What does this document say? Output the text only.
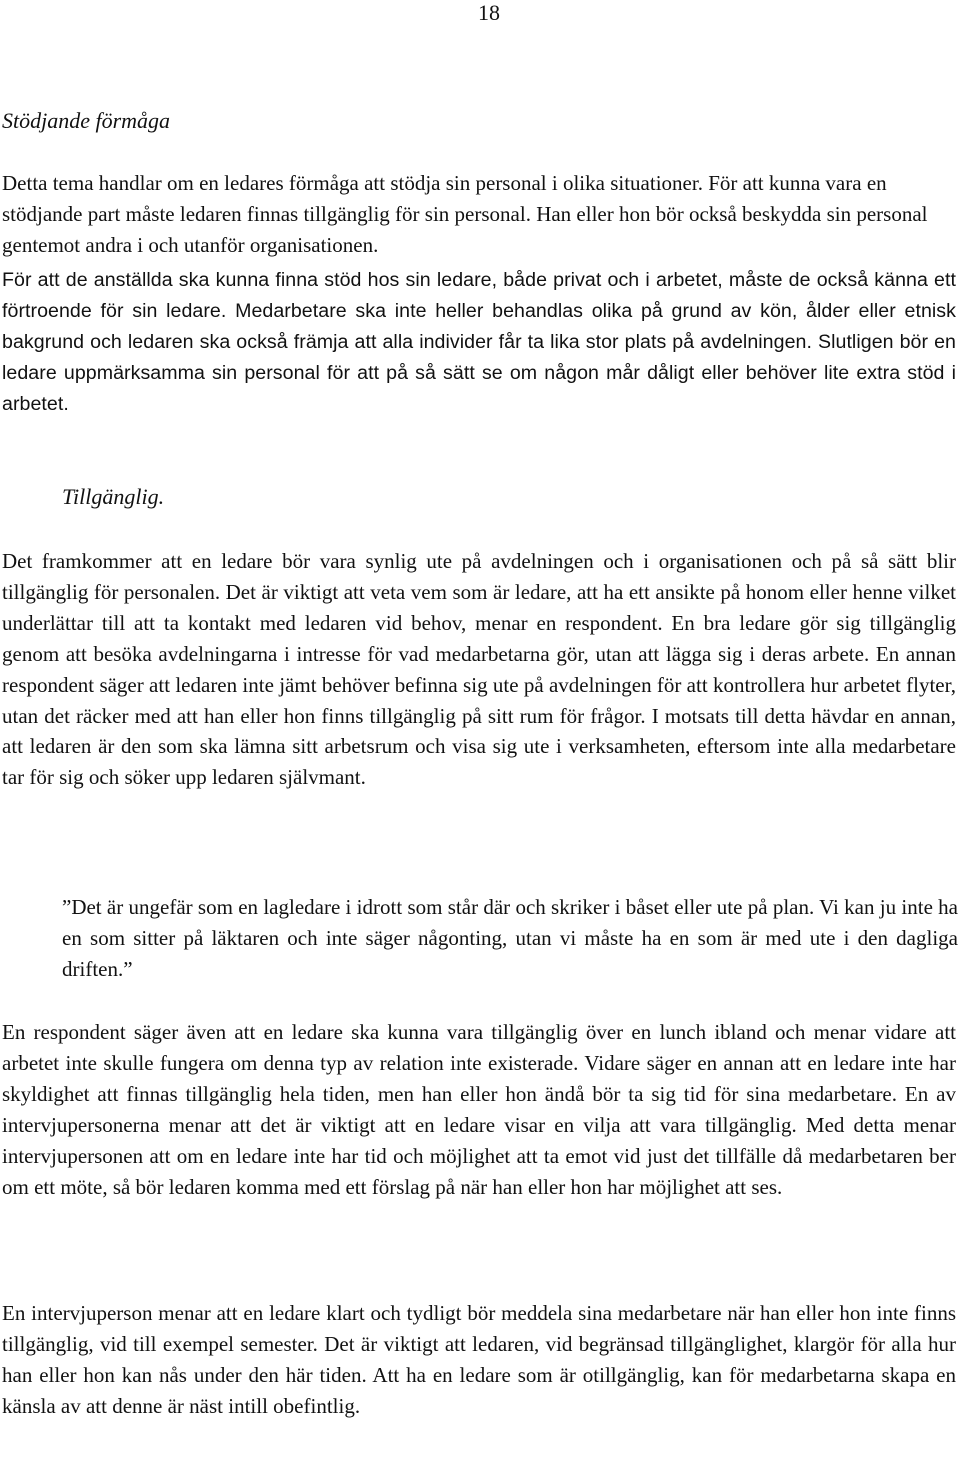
18
Stödjande förmåga

Detta tema handlar om en ledares förmåga att stödja sin personal i olika situationer. För att kunna vara en stödjande part måste ledaren finnas tillgänglig för sin personal. Han eller hon bör också beskydda sin personal gentemot andra i och utanför organisationen.

För att de anställda ska kunna finna stöd hos sin ledare, både privat och i arbetet, måste de också känna ett förtroende för sin ledare. Medarbetare ska inte heller behandlas olika på grund av kön, ålder eller etnisk bakgrund och ledaren ska också främja att alla individer får ta lika stor plats på avdelningen. Slutligen bör en ledare uppmärksamma sin personal för att på så sätt se om någon mår dåligt eller behöver lite extra stöd i arbetet.

Tillgänglig.

Det framkommer att en ledare bör vara synlig ute på avdelningen och i organisationen och på så sätt blir tillgänglig för personalen. Det är viktigt att veta vem som är ledare, att ha ett ansikte på honom eller henne vilket underlättar till att ta kontakt med ledaren vid behov, menar en respondent. En bra ledare gör sig tillgänglig genom att besöka avdelningarna i intresse för vad medarbetarna gör, utan att lägga sig i deras arbete. En annan respondent säger att ledaren inte jämt behöver befinna sig ute på avdelningen för att kontrollera hur arbetet flyter, utan det räcker med att han eller hon finns tillgänglig på sitt rum för frågor. I motsats till detta hävdar en annan, att ledaren är den som ska lämna sitt arbetsrum och visa sig ute i verksamheten, eftersom inte alla medarbetare tar för sig och söker upp ledaren självmant.

”Det är ungefär som en lagledare i idrott som står där och skriker i båset eller ute på plan. Vi kan ju inte ha en som sitter på läktaren och inte säger någonting, utan vi måste ha en som är med ute i den dagliga driften.”

En respondent säger även att en ledare ska kunna vara tillgänglig över en lunch ibland och menar vidare att arbetet inte skulle fungera om denna typ av relation inte existerade. Vidare säger en annan att en ledare inte har skyldighet att finnas tillgänglig hela tiden, men han eller hon ändå bör ta sig tid för sina medarbetare. En av intervjupersonerna menar att det är viktigt att en ledare visar en vilja att vara tillgänglig. Med detta menar intervjupersonen att om en ledare inte har tid och möjlighet att ta emot vid just det tillfälle då medarbetaren ber om ett möte, så bör ledaren komma med ett förslag på när han eller hon har möjlighet att ses.

En intervjuperson menar att en ledare klart och tydligt bör meddela sina medarbetare när han eller hon inte finns tillgänglig, vid till exempel semester. Det är viktigt att ledaren, vid begränsad tillgänglighet, klargör för alla hur han eller hon kan nås under den här tiden. Att ha en ledare som är otillgänglig, kan för medarbetarna skapa en känsla av att denne är näst intill obefintlig.
